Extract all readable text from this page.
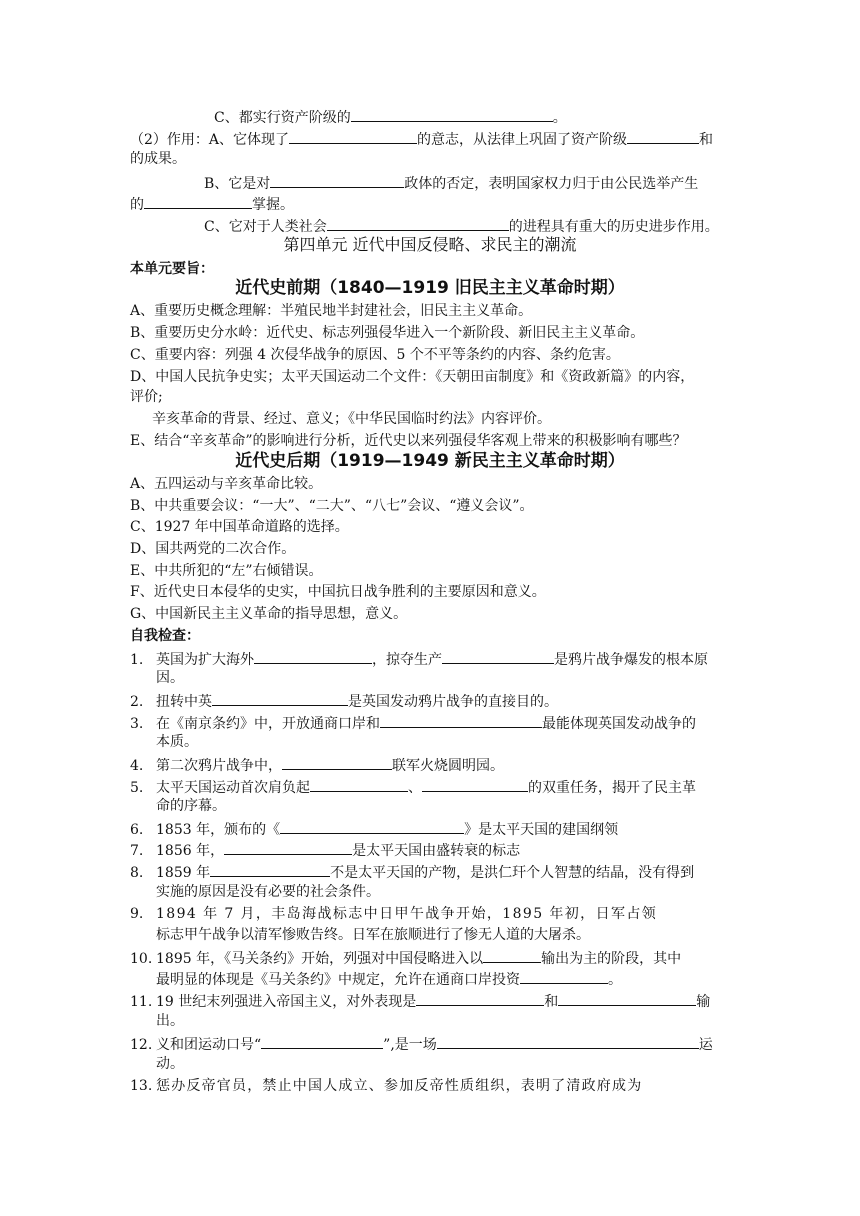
C、都实行资产阶级的	。
（2）作用：A、它体现了	的意志，从法律上巩固了资产阶级	和
的成果。
B、它是对	政体的否定，表明国家权力归于由公民选举产生
的	掌握。
C、它对于人类社会	的进程具有重大的历史进步作用。
第四单元 近代中国反侵略、求民主的潮流
本单元要旨：
近代史前期（1840—1919 旧民主主义革命时期）
A、重要历史概念理解：半殖民地半封建社会，旧民主主义革命。
B、重要历史分水岭：近代史、标志列强侵华进入一个新阶段、新旧民主主义革命。
C、重要内容：列强 4 次侵华战争的原因、5 个不平等条约的内容、条约危害。
D、中国人民抗争史实；太平天国运动二个文件：《天朝田亩制度》和《资政新篇》的内容，
评价;
辛亥革命的背景、经过、意义；《中华民国临时约法》内容评价。
E、结合“辛亥革命”的影响进行分析，近代史以来列强侵华客观上带来的积极影响有哪些？
近代史后期（1919—1949 新民主主义革命时期）
A、五四运动与辛亥革命比较。
B、中共重要会议：“一大”、“二大”、“八七”会议、“遵义会议”。
C、1927 年中国革命道路的选择。
D、国共两党的二次合作。
E、中共所犯的“左”右倾错误。
F、近代史日本侵华的史实，中国抗日战争胜利的主要原因和意义。
G、中国新民主主义革命的指导思想，意义。
自我检查：
1. 英国为扩大海外	，掠夺生产	是鸦片战争爆发的根本原
因。
2. 扭转中英	是英国发动鸦片战争的直接目的。
3. 在《南京条约》中，开放通商口岸和	最能体现英国发动战争的
本质。
4. 第二次鸦片战争中，	联军火烧圆明园。
5. 太平天国运动首次肩负起	、	的双重任务，揭开了民主革
命的序幕。
6. 1853 年，颁布的《	》是太平天国的建国纲领
7. 1856 年，	是太平天国由盛转衰的标志
8. 1859 年	不是太平天国的产物，是洪仁玕个人智慧的结晶，没有得到
实施的原因是没有必要的社会条件。
9. 1894 年 7 月，丰岛海战标志中日甲午战争开始，1895 年初，日军占领
标志甲午战争以清军惨败告终。日军在旅顺进行了惨无人道的大屠杀。
10. 1895 年，《马关条约》开始，列强对中国侵略进入以	输出为主的阶段，其中
最明显的体现是《马关条约》中规定，允许在通商口岸投资	。
11. 19 世纪末列强进入帝国主义，对外表现是	和	输
出。
12. 义和团运动口号“	”,是一场	运
动。
13. 惩办反帝官员，禁止中国人成立、参加反帝性质组织，表明了清政府成为
